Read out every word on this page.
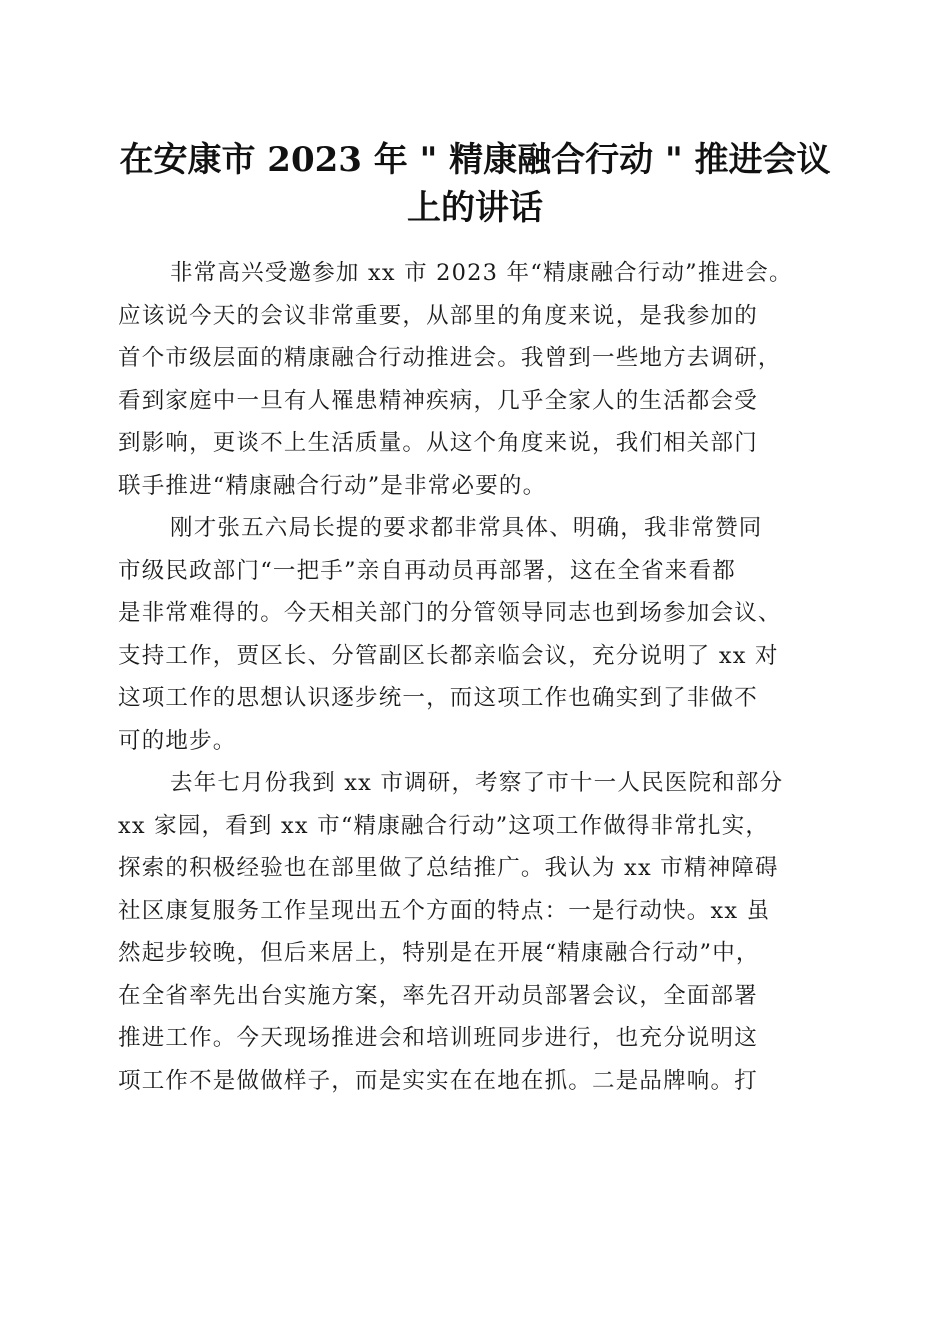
在安康市 2023 年 " 精康融合行动 " 推进会议
上的讲话

非常高兴受邀参加 xx 市 2023 年“精康融合行动”推进会。
应该说今天的会议非常重要，从部里的角度来说，是我参加的
首个市级层面的精康融合行动推进会。我曾到一些地方去调研，
看到家庭中一旦有人罹患精神疾病，几乎全家人的生活都会受
到影响，更谈不上生活质量。从这个角度来说，我们相关部门
联手推进“精康融合行动”是非常必要的。

刚才张五六局长提的要求都非常具体、明确，我非常赞同
市级民政部门“一把手”亲自再动员再部署，这在全省来看都
是非常难得的。今天相关部门的分管领导同志也到场参加会议、
支持工作，贾区长、分管副区长都亲临会议，充分说明了 xx 对
这项工作的思想认识逐步统一，而这项工作也确实到了非做不
可的地步。

去年七月份我到 xx 市调研，考察了市十一人民医院和部分
xx 家园，看到 xx 市“精康融合行动”这项工作做得非常扎实，
探索的积极经验也在部里做了总结推广。我认为 xx 市精神障碍
社区康复服务工作呈现出五个方面的特点：一是行动快。xx 虽
然起步较晚，但后来居上，特别是在开展“精康融合行动”中，
在全省率先出台实施方案，率先召开动员部署会议，全面部署
推进工作。今天现场推进会和培训班同步进行，也充分说明这
项工作不是做做样子，而是实实在在地在抓。二是品牌响。打
